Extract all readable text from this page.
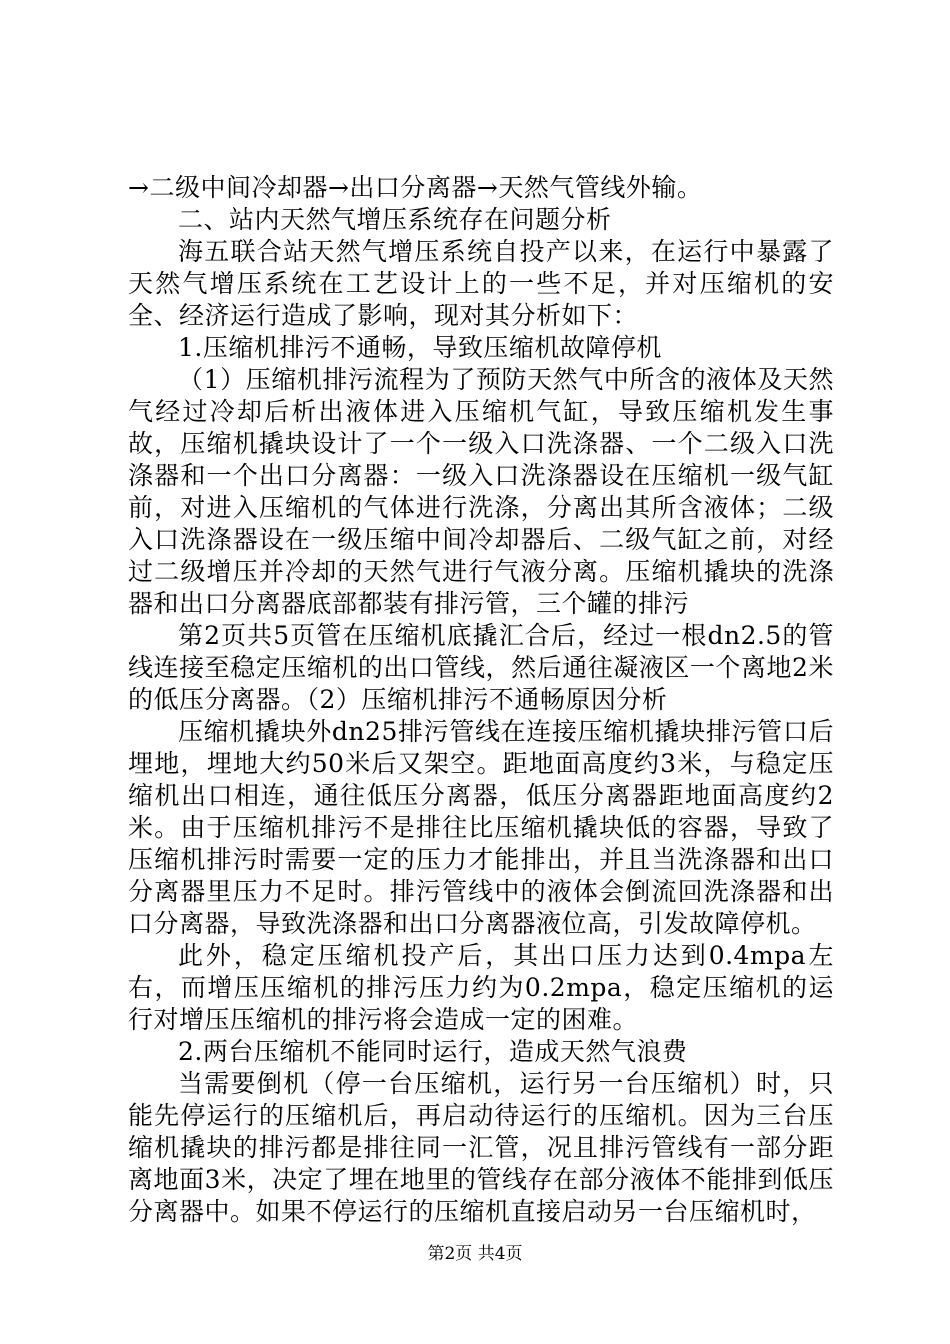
→二级中间冷却器→出口分离器→天然气管线外输。

二、站内天然气增压系统存在问题分析

海五联合站天然气增压系统自投产以来，在运行中暴露了天然气增压系统在工艺设计上的一些不足，并对压缩机的安全、经济运行造成了影响，现对其分析如下：

1.压缩机排污不通畅，导致压缩机故障停机

（1）压缩机排污流程为了预防天然气中所含的液体及天然气经过冷却后析出液体进入压缩机气缸，导致压缩机发生事故，压缩机撬块设计了一个一级入口洗涤器、一个二级入口洗涤器和一个出口分离器：一级入口洗涤器设在压缩机一级气缸前，对进入压缩机的气体进行洗涤，分离出其所含液体；二级入口洗涤器设在一级压缩中间冷却器后、二级气缸之前，对经过二级增压并冷却的天然气进行气液分离。压缩机撬块的洗涤器和出口分离器底部都装有排污管，三个罐的排污

第2页共5页管在压缩机底撬汇合后，经过一根dn2.5的管线连接至稳定压缩机的出口管线，然后通往凝液区一个离地2米的低压分离器。（2）压缩机排污不通畅原因分析

压缩机撬块外dn25排污管线在连接压缩机撬块排污管口后埋地，埋地大约50米后又架空。距地面高度约3米，与稳定压缩机出口相连，通往低压分离器，低压分离器距地面高度约2米。由于压缩机排污不是排往比压缩机撬块低的容器，导致了压缩机排污时需要一定的压力才能排出，并且当洗涤器和出口分离器里压力不足时。排污管线中的液体会倒流回洗涤器和出口分离器，导致洗涤器和出口分离器液位高，引发故障停机。

此外，稳定压缩机投产后，其出口压力达到0.4mpa左右，而增压压缩机的排污压力约为0.2mpa，稳定压缩机的运行对增压压缩机的排污将会造成一定的困难。

2.两台压缩机不能同时运行，造成天然气浪费

当需要倒机（停一台压缩机，运行另一台压缩机）时，只能先停运行的压缩机后，再启动待运行的压缩机。因为三台压缩机撬块的排污都是排往同一汇管，况且排污管线有一部分距离地面3米，决定了埋在地里的管线存在部分液体不能排到低压分离器中。如果不停运行的压缩机直接启动另一台压缩机时，

第2页 共4页
